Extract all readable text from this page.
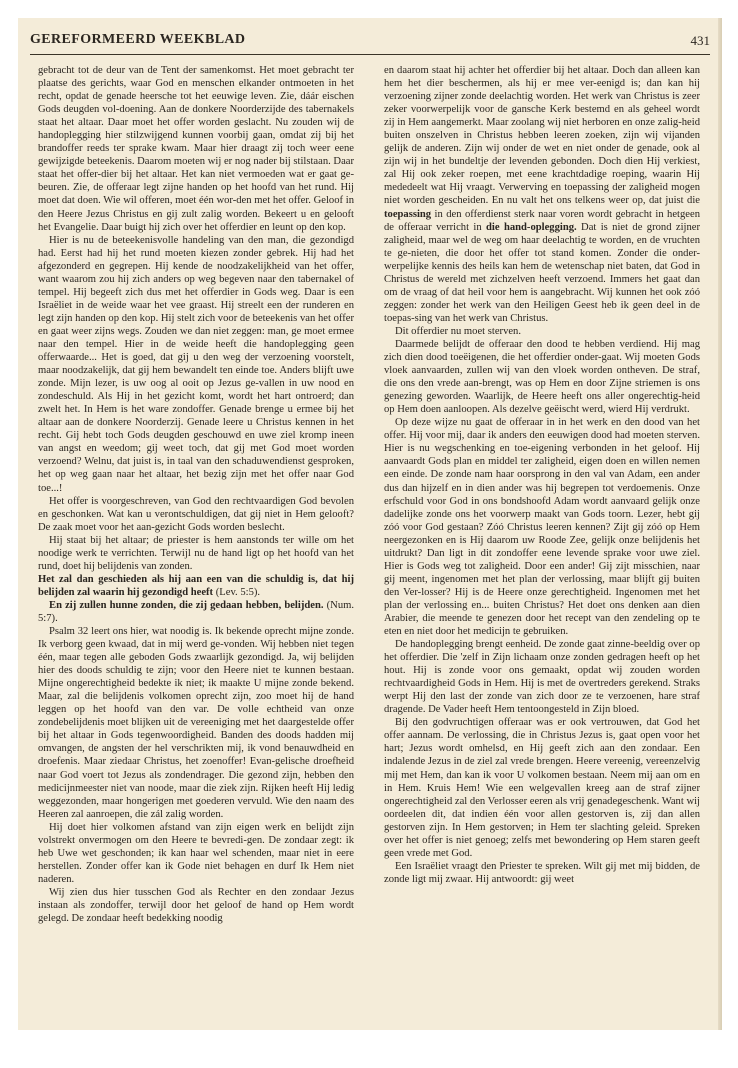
GEREFORMEERD WEEKBLAD	431

gebracht tot de deur van de Tent der samenkomst. Het moet gebracht ter plaatse des gerichts, waar God en menschen elkander ontmoeten in het recht, opdat de genade heersche tot het eeuwige leven. Zie, dáár eischen Gods deugden vol-doening. Aan de donkere Noorderzijde des tabernakels staat het altaar. Daar moet het offer worden geslacht. Nu zouden wij de handoplegging hier stilzwijgend kunnen voorbij gaan, omdat zij bij het brandoffer reeds ter sprake kwam. Maar hier draagt zij toch weer eene gewijzigde beteekenis. Daarom moeten wij er nog nader bij stilstaan. Daar staat het offer-dier bij het altaar. Het kan niet vermoeden wat er gaat ge-beuren. Zie, de offeraar legt zijne handen op het hoofd van het rund. Hij moet dat doen. Wie wil offeren, moet één wor-den met het offer. Geloof in den Heere Jezus Christus en gij zult zalig worden. Bekeert u en gelooft het Evangelie. Daar buigt hij zich over het offerdier en leunt op den kop.

Hier is nu de beteekenisvolle handeling van den man, die gezondigd had. Eerst had hij het rund moeten kiezen zonder gebrek. Hij had het afgezonderd en gegrepen. Hij kende de noodzakelijkheid van het offer, want waarom zou hij zich anders op weg begeven naar den tabernakel of tempel. Hij begeeft zich dus met het offerdier in Gods weg. Daar is een Israëliet in de weide waar het vee graast. Hij streelt een der runderen en legt zijn handen op den kop. Hij stelt zich voor de beteekenis van het offer en gaat weer zijns wegs. Zouden we dan niet zeggen: man, ge moet ermee naar den tempel. Hier in de weide heeft die handoplegging geen offerwaarde... Het is goed, dat gij u den weg der verzoening voorstelt, maar noodzakelijk, dat gij hem bewandelt ten einde toe. Anders blijft uwe zonde. Mijn lezer, is uw oog al ooit op Jezus ge-vallen in uw nood en zondeschuld. Als Hij in het gezicht komt, wordt het hart ontroerd; dan zwelt het. In Hem is het ware zondoffer. Genade brenge u ermee bij het altaar aan de donkere Noorderzij. Genade leere u Christus kennen in het recht. Gij hebt toch Gods deugden geschouwd en uwe ziel kromp ineen van angst en weedom; gij weet toch, dat gij met God moet worden verzoend? Welnu, dat juist is, in taal van den schaduwendienst gesproken, het op weg gaan naar het altaar, het bezig zijn met het offer naar God toe...!

Het offer is voorgeschreven, van God den rechtvaardigen God bevolen en geschonken. Wat kan u verontschuldigen, dat gij niet in Hem gelooft? De zaak moet voor het aan-gezicht Gods worden beslecht.

Hij staat bij het altaar; de priester is hem aanstonds ter wille om het noodige werk te verrichten. Terwijl nu de hand ligt op het hoofd van het rund, doet hij belijdenis van zonden.

Het zal dan geschieden als hij aan een van die schuldig is, dat hij belijden zal waarin hij gezondigd heeft (Lev. 5:5).

En zij zullen hunne zonden, die zij gedaan hebben, belijden. (Num. 5:7).

Psalm 32 leert ons hier, wat noodig is. Ik bekende oprecht mijne zonde. Ik verborg geen kwaad, dat in mij werd ge-vonden. Wij hebben niet tegen één, maar tegen alle geboden Gods zwaarlijk gezondigd. Ja, wij belijden hier des doods schuldig te zijn; voor den Heere niet te kunnen bestaan. Mijne ongerechtigheid bedekte ik niet; ik maakte U mijne zonde bekend. Maar, zal die belijdenis volkomen oprecht zijn, zoo moet hij de hand leggen op het hoofd van den var. De volle echtheid van onze zondebelijdenis moet blijken uit de vereeniging met het daargestelde offer bij het altaar in Gods tegenwoordigheid. Banden des doods hadden mij omvangen, de angsten der hel verschrikten mij, ik vond benauwdheid en droefenis. Maar ziedaar Christus, het zoenoffer! Evan-gelische droefheid naar God voert tot Jezus als zondendrager. Die gezond zijn, hebben den medicijnmeester niet van noode, maar die ziek zijn. Rijken heeft Hij ledig weggezonden, maar hongerigen met goederen vervuld. Wie den naam des Heeren zal aanroepen, die zál zalig worden.

Hij doet hier volkomen afstand van zijn eigen werk en belijdt zijn volstrekt onvermogen om den Heere te bevredi-gen. De zondaar zegt: ik heb Uwe wet geschonden; ik kan haar wel schenden, maar niet in eere herstellen. Zonder offer kan ik Gode niet behagen en durf Ik Hem niet naderen.

Wij zien dus hier tusschen God als Rechter en den zondaar Jezus instaan als zondoffer, terwijl door het geloof de hand op Hem wordt gelegd. De zondaar heeft bedekking noodig

en daarom staat hij achter het offerdier bij het altaar. Doch dan alleen kan hem het dier beschermen, als hij er mee ver-eenigd is; dan kan hij verzoening zijner zonde deelachtig worden. Het werk van Christus is zeer zeker voorwerpelijk voor de gansche Kerk bestemd en als geheel wordt zij in Hem aangemerkt. Maar zoolang wij niet herboren en onze zalig-heid buiten onszelven in Christus hebben leeren zoeken, zijn wij vijanden gelijk de anderen. Zijn wij onder de wet en niet onder de genade, ook al zijn wij in het bundeltje der levenden gebonden. Doch dien Hij verkiest, zal Hij ook zeker roepen, met eene krachtdadige roeping, waarin Hij mededeelt wat Hij vraagt. Verwerving en toepassing der zaligheid mogen niet worden gescheiden. En nu valt het ons telkens weer op, dat juist die toepassing in den offerdienst sterk naar voren wordt gebracht in hetgeen de offeraar verricht in die hand-oplegging. Dat is niet de grond zijner zaligheid, maar wel de weg om haar deelachtig te worden, en de vruchten te ge-nieten, die door het offer tot stand komen. Zonder die onder-werpelijke kennis des heils kan hem de wetenschap niet baten, dat God in Christus de wereld met zichzelven heeft verzoend. Immers het gaat dan om de vraag of dat heil voor hem is aangebracht. Wij kunnen het ook zóó zeggen: zonder het werk van den Heiligen Geest heb ik geen deel in de toepas-sing van het werk van Christus.

Dit offerdier nu moet sterven.

Daarmede belijdt de offeraar den dood te hebben verdiend. Hij mag zich dien dood toeëigenen, die het offerdier onder-gaat. Wij moeten Gods vloek aanvaarden, zullen wij van den vloek worden ontheven. De straf, die ons den vrede aan-brengt, was op Hem en door Zijne striemen is ons genezing geworden. Waarlijk, de Heere heeft ons aller ongerechtig-heid op Hem doen aanloopen. Als dezelve geëischt werd, wierd Hij verdrukt.

Op deze wijze nu gaat de offeraar in in het werk en den dood van het offer. Hij voor mij, daar ik anders den eeuwigen dood had moeten sterven. Hier is nu wegschenking en toe-eigening verbonden in het geloof. Hij aanvaardt Gods plan en middel ter zaligheid, eigen doen en willen nemen een einde. De zonde nam haar oorsprong in den val van Adam, een ander dus dan hijzelf en in dien ander was hij begrepen tot verdoemenis. Onze erfschuld voor God in ons bondshoofd Adam wordt aanvaard gelijk onze dadelijke zonde ons het voorwerp maakt van Gods toorn. Lezer, hebt gij zóó voor God gestaan? Zóó Christus leeren kennen? Zijt gij zóó op Hem neergezonken en is Hij daarom uw Roode Zee, gelijk onze belijdenis het uitdrukt? Dan ligt in dit zondoffer eene levende sprake voor uwe ziel. Hier is Gods weg tot zaligheid. Door een ander! Gij zijt misschien, naar gij meent, ingenomen met het plan der verlossing, maar blijft gij buiten den Ver-losser? Hij is de Heere onze gerechtigheid. Ingenomen met het plan der verlossing en... buiten Christus? Het doet ons denken aan dien Arabier, die meende te genezen door het recept van den zendeling op te eten en niet door het medicijn te gebruiken.

De handoplegging brengt eenheid. De zonde gaat zinne-beeldig over op het offerdier. Die 'zelf in Zijn lichaam onze zonden gedragen heeft op het hout. Hij is zonde voor ons gemaakt, opdat wij zouden worden rechtvaardigheid Gods in Hem. Hij is met de overtreders gerekend. Straks werpt Hij den last der zonde van zich door ze te verzoenen, hare straf dragende. De Vader heeft Hem tentoongesteld in Zijn bloed.

Bij den godvruchtigen offeraar was er ook vertrouwen, dat God het offer aannam. De verlossing, die in Christus Jezus is, gaat open voor het hart; Jezus wordt omhelsd, en Hij geeft zich aan den zondaar. Een indalende Jezus in de ziel zal vrede brengen. Heere vereenig, vereenzelvig mij met Hem, dan kan ik voor U volkomen bestaan. Neem mij aan om en in Hem. Kruis Hem! Wie een welgevallen kreeg aan de straf zijner ongerechtigheid zal den Verlosser eeren als vrij genadegeschenk. Want wij oordeelen dit, dat indien één voor allen gestorven is, zij dan allen gestorven zijn. In Hem gestorven; in Hem ter slachting geleid. Spreken over het offer is niet genoeg; zelfs met bewondering op Hem staren geeft geen vrede met God.

Een Israëliet vraagt den Priester te spreken. Wilt gij met mij bidden, de zonde ligt mij zwaar. Hij antwoordt: gij weet
